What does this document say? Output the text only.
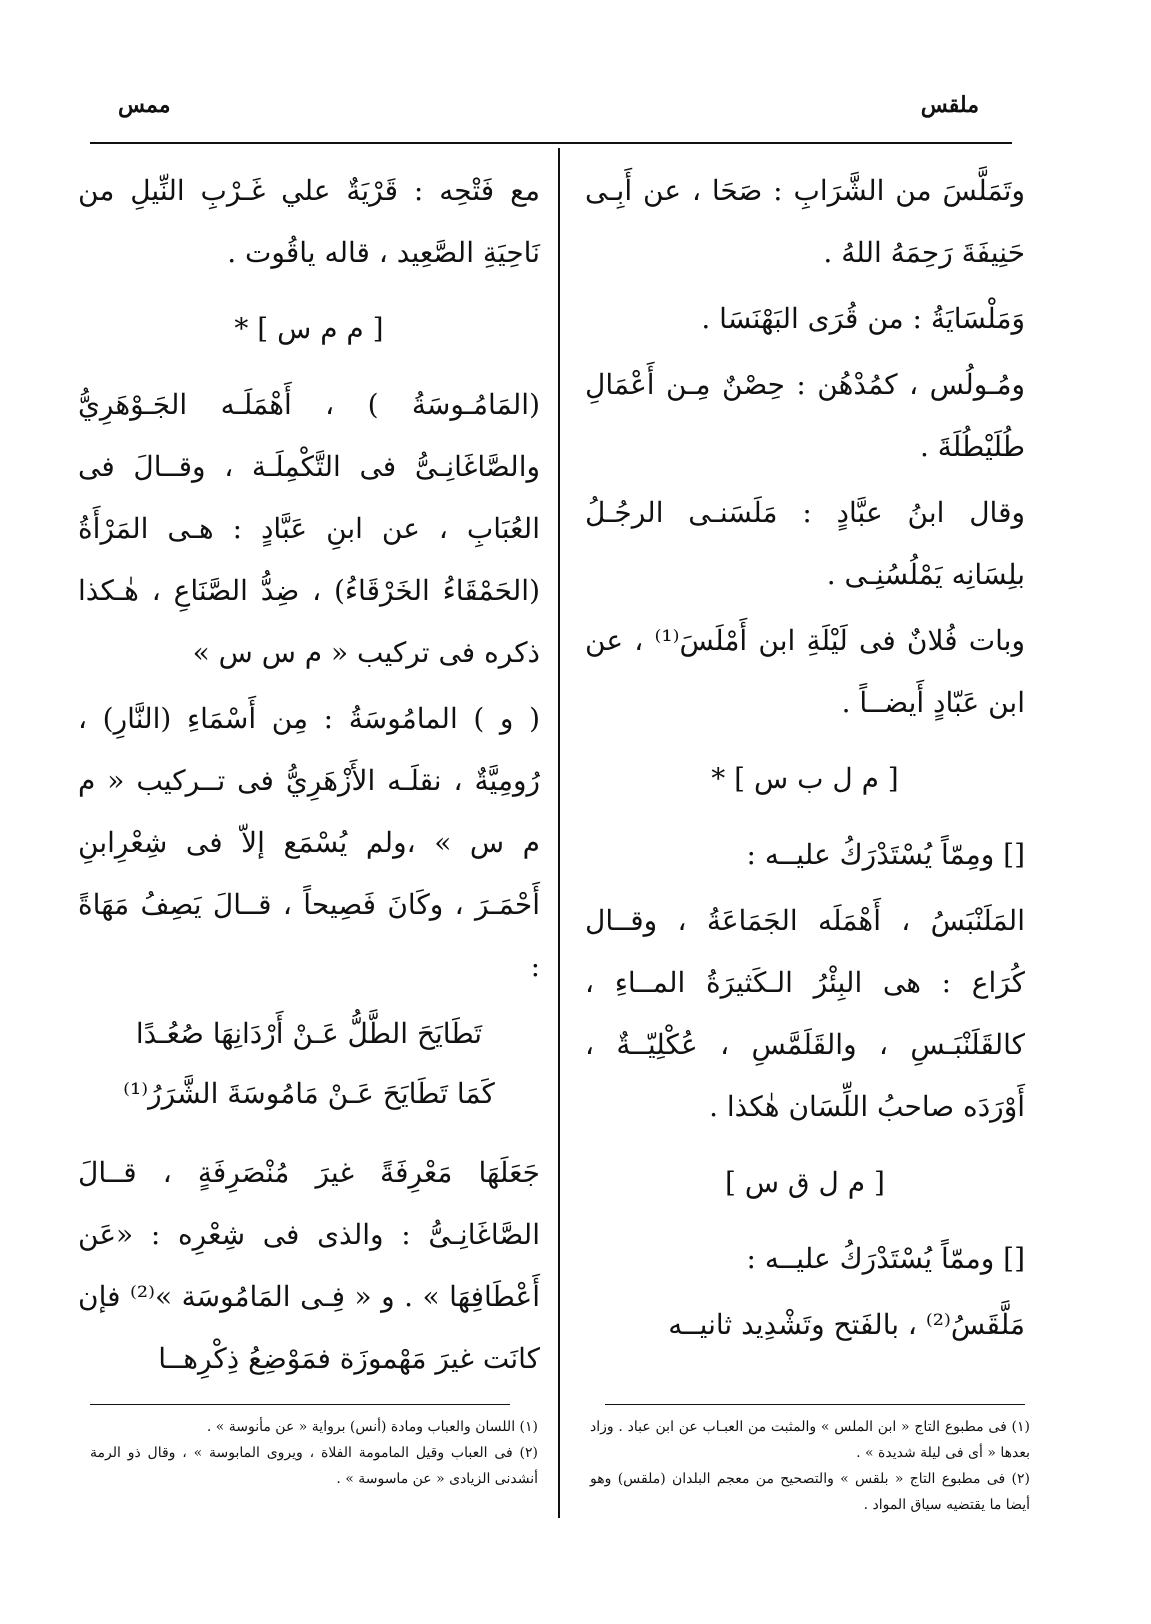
ملقس
ممس

وتَمَلَّسَ من الشَّرَابِ : صَحَا ، عن أَبِـى حَنِيفَةَ رَحِمَهُ اللهُ .

وَمَلْسَايَةُ : من قُرَى البَهْنَسَا .

ومُـولُس ، كمُدْهُن : حِصْنٌ مِـن أَعْمَالِ طُلَيْطُلَةَ .

وقال ابنُ عبَّادٍ : مَلَسَنـى الرجُـلُ بلِسَانِه يَمْلُسُنِـى .

وبات فُلانٌ فى لَيْلَةِ ابن أَمْلَسَ⁽¹⁾ ، عن ابن عَبّادٍ أَيضــاً .

[ م ل ب س ] *

[] ومِمّاً يُسْتَدْرَكُ عليــه :

المَلَنْبَسُ ، أَهْمَلَه الجَمَاعَةُ ، وقــال كُرَاع : هى البِئْرُ الـكَثيرَةُ المــاءِ ، كالقَلَنْبَـسِ ، والقَلَمَّسِ ، عُكْلِيّــةٌ ، أَوْرَدَه صاحبُ اللِّسَان هٰكذا .

[ م ل ق س ]

[] وممّاً يُسْتَدْرَكُ عليــه :

مَلَّقَسُ⁽²⁾ ، بالفَتح وتَشْدِيد ثانيــه

مع فَتْحِه : قَرْيَةٌ علي غَـرْبِ النِّيلِ من نَاحِيَةِ الصَّعِيد ، قاله ياقُوت .

[ م م س ] *

(المَامُـوسَةُ ) ، أَهْمَلَـه الجَـوْهَرِيُّ والصَّاغَانِـىُّ فى التَّكْمِلَـة ، وقــالَ فى العُبَابِ ، عن ابنِ عَبَّادٍ : هـى المَرْأَةُ (الحَمْقَاءُ الخَرْقَاءُ) ، ضِدُّ الصَّنَاعِ ، هٰـكذا ذكره فى تركيب « م س س »

( و ) المامُوسَةُ : مِن أَسْمَاءِ (النَّارِ) ، رُومِيَّةٌ ، نقلَـه الأَزْهَرِيُّ فى تــركيب « م م س » ،ولم يُسْمَع إلاّ فى شِعْرِابنِ أَحْمَـرَ ، وكَانَ فَصِيحاً ، قــالَ يَصِفُ مَهَاةً :

تَطَايَحَ الطَّلُّ عَـنْ أَرْدَانِهَا صُعُـدًا
كَمَا تَطَايَحَ عَـنْ مَامُوسَةَ الشَّرَرُ⁽¹⁾

جَعَلَهَا مَعْرِفَةً غيرَ مُنْصَرِفَةٍ ، قــالَ الصَّاغَانِـىُّ : والذى فى شِعْرِه : «عَن أَعْطَافِهَا » . و « فِـى المَامُوسَة »⁽²⁾ فإن كانَت غيرَ مَهْموزَة فمَوْضِعُ ذِكْرِهــا

(١) فى مطبوع التاج « ابن الملس » والمثبت من العبـاب عن ابن عباد . وزاد بعدها « أى فى ليلة شديدة » .

(٢) فى مطبوع التاج « بلقس » والتصحيح من معجم البلدان (ملقس) وهو أيضا ما يقتضيه سياق المواد .

(١) اللسان والعباب ومادة (أنس) برواية « عن مأنوسة » .

(٢) فى العباب وقيل المامومة الفلاة ، ويروى المابوسة » ، وقال ذو الرمة أنشدنى الزيادى « عن ماسوسة » .
